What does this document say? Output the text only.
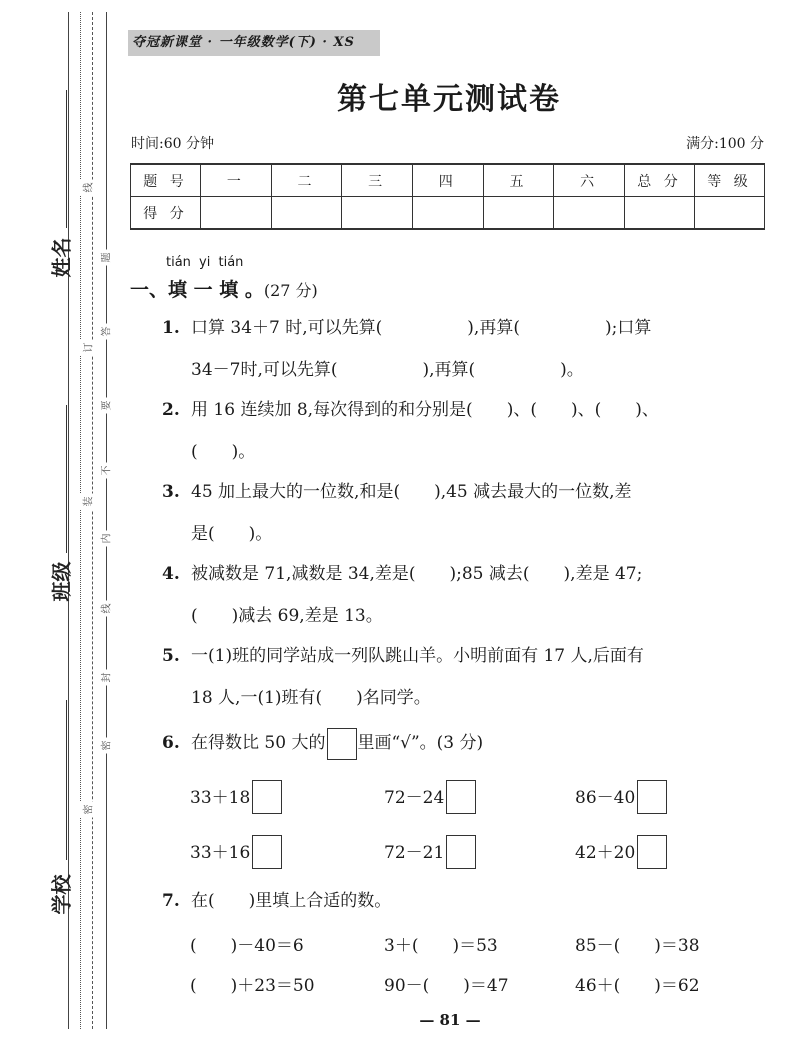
姓名
班级
学校
线
订
装
密
题
答
要
不
内
线
封
密
夺冠新课堂 · 一年级数学(下) · XS
第七单元测试卷
时间:60 分钟	满分:100 分
题 号	一	二	三	四	五	六	总 分	等 级
得 分								
tián yi tián
一、填 一 填 。(27 分)
1. 口算 34＋7 时,可以先算(　　　　　),再算(　　　　　);口算
34－7时,可以先算(　　　　　),再算(　　　　　)。
2. 用 16 连续加 8,每次得到的和分别是(　　)、(　　)、(　　)、
(　　)。
3. 45 加上最大的一位数,和是(　　),45 减去最大的一位数,差
是(　　)。
4. 被减数是 71,减数是 34,差是(　　);85 减去(　　),差是 47;
(　　)减去 69,差是 13。
5. 一(1)班的同学站成一列队跳山羊。小明前面有 17 人,后面有
18 人,一(1)班有(　　)名同学。
6. 在得数比 50 大的 里画“√”。(3 分)
33＋18	72－24	86－40
33＋16	72－21	42＋20
7. 在(　　)里填上合适的数。
(　　)－40＝6	3＋(　　)＝53	85－(　　)＝38
(　　)＋23＝50	90－(　　)＝47	46＋(　　)＝62
— 81 —
